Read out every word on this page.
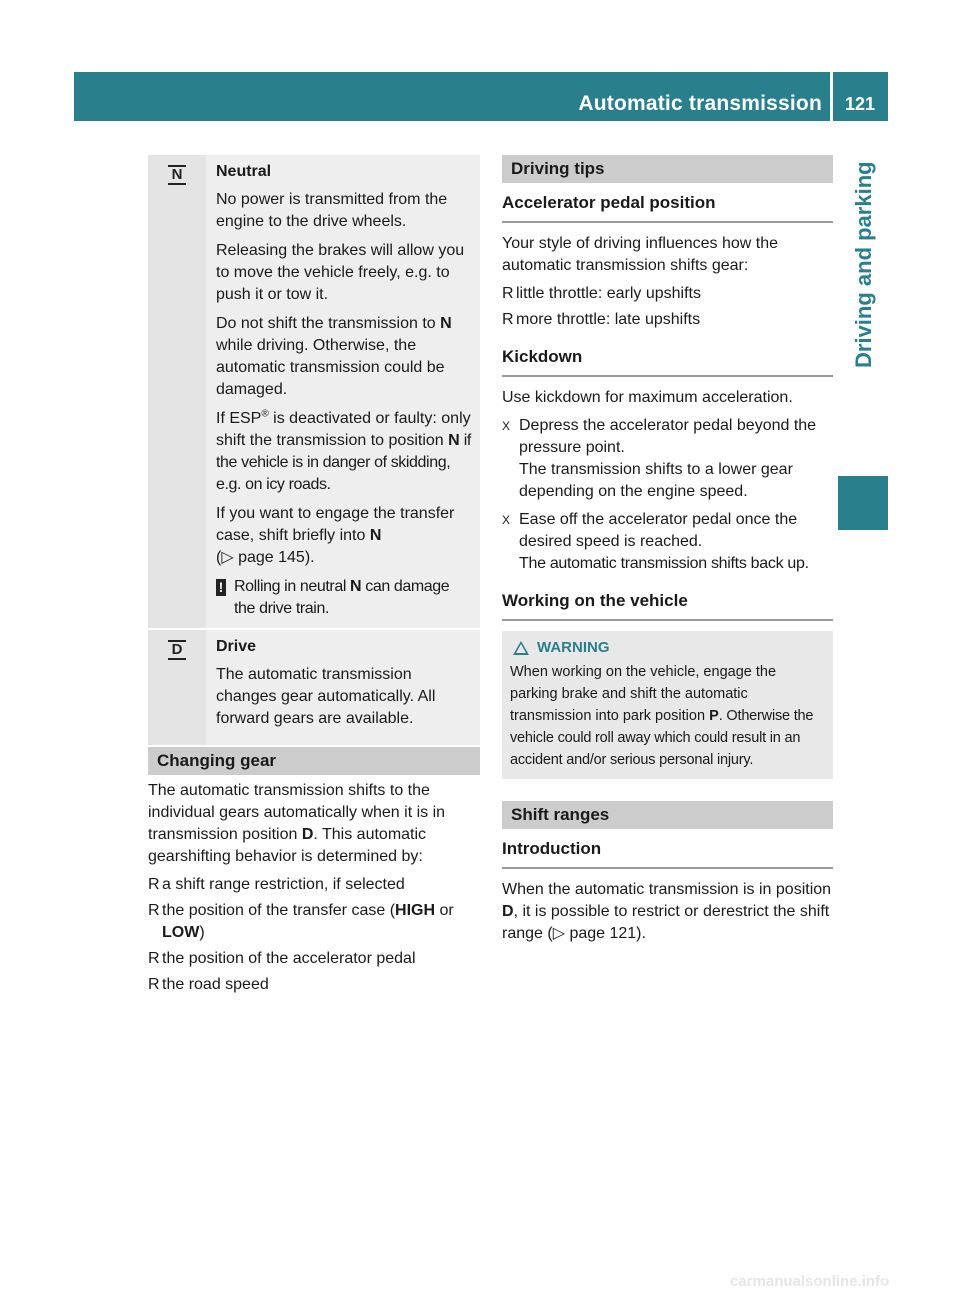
Automatic transmission	121
Driving and parking
N Neutral

No power is transmitted from the engine to the drive wheels.

Releasing the brakes will allow you to move the vehicle freely, e.g. to push it or tow it.

Do not shift the transmission to N while driving. Otherwise, the automatic transmission could be damaged.

If ESP® is deactivated or faulty: only shift the transmission to position N if the vehicle is in danger of skidding, e.g. on icy roads.

If you want to engage the transfer case, shift briefly into N
(▷ page 145).

! Rolling in neutral N can damage the drive train.

D Drive

The automatic transmission changes gear automatically. All forward gears are available.

Changing gear

The automatic transmission shifts to the individual gears automatically when it is in transmission position D. This automatic gearshifting behavior is determined by:

R a shift range restriction, if selected
R the position of the transfer case (HIGH or LOW)
R the position of the accelerator pedal
R the road speed
Driving tips
Accelerator pedal position

Your style of driving influences how the automatic transmission shifts gear:

R little throttle: early upshifts
R more throttle: late upshifts
Kickdown

Use kickdown for maximum acceleration.

X Depress the accelerator pedal beyond the pressure point.
The transmission shifts to a lower gear depending on the engine speed.
X Ease off the accelerator pedal once the desired speed is reached.
The automatic transmission shifts back up.
Working on the vehicle
WARNING
When working on the vehicle, engage the parking brake and shift the automatic transmission into park position P. Otherwise the vehicle could roll away which could result in an accident and/or serious personal injury.
Shift ranges
Introduction

When the automatic transmission is in position D, it is possible to restrict or derestrict the shift range (▷ page 121).

carmanualsonline.info
